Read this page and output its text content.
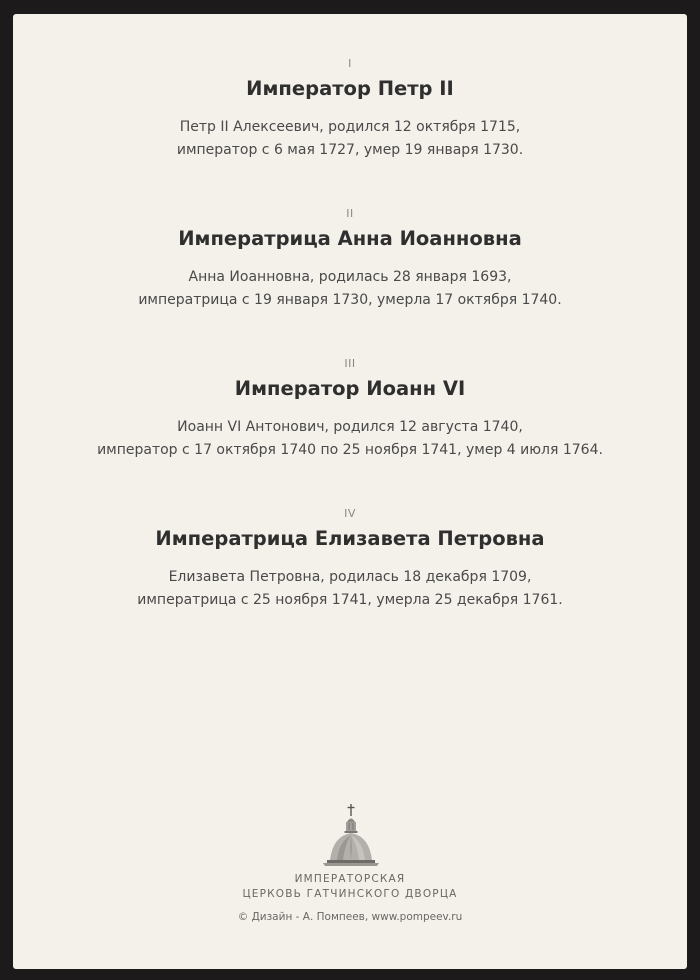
I
Император Петр II
Петр II Алексеевич, родился 12 октября 1715,
император с 6 мая 1727, умер 19 января 1730.
II
Императрица Анна Иоанновна
Анна Иоанновна, родилась 28 января 1693,
императрица с 19 января 1730, умерла 17 октября 1740.
III
Император Иоанн VI
Иоанн VI Антонович, родился 12 августа 1740,
император с 17 октября 1740 по 25 ноября 1741, умер 4 июля 1764.
IV
Императрица Елизавета Петровна
Елизавета Петровна, родилась 18 декабря 1709,
императрица с 25 ноября 1741, умерла 25 декабря 1761.
ИМПЕРАТОРСКАЯ
ЦЕРКОВЬ ГАТЧИНСКОГО ДВОРЦА
© Дизайн - А. Помпеев, www.pompeev.ru
